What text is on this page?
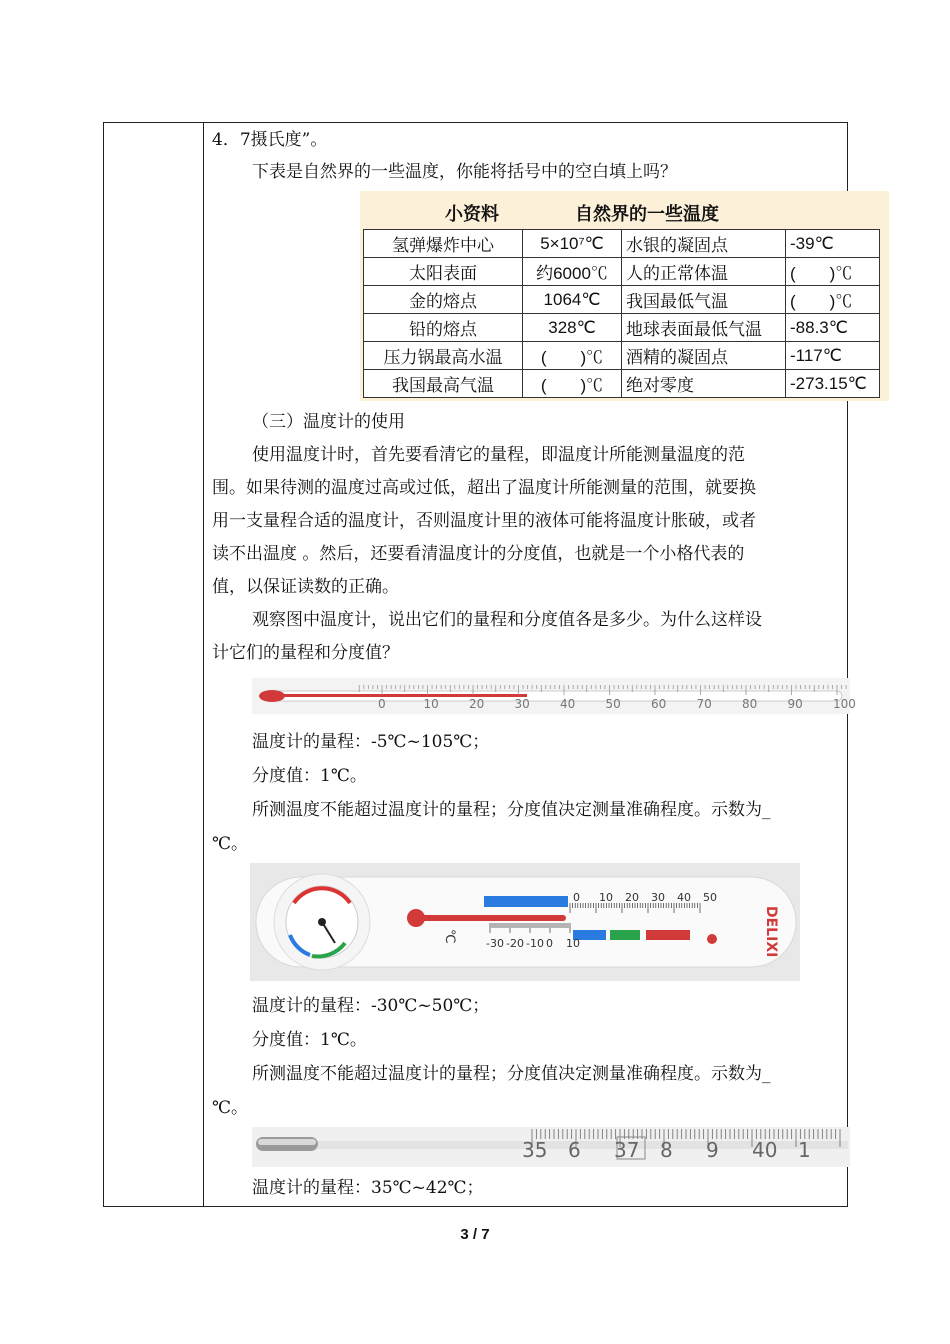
4．7摄氏度”。
下表是自然界的一些温度，你能将括号中的空白填上吗？
小资料	自然界的一些温度
氢弹爆炸中心	5×10⁷℃	水银的凝固点	-39℃
太阳表面	约6000℃	人的正常体温	(　　)℃
金的熔点	1064℃	我国最低气温	(　　)℃
铅的熔点	328℃	地球表面最低气温	-88.3℃
压力锅最高水温	(　　)℃	酒精的凝固点	-117℃
我国最高气温	(　　)℃	绝对零度	-273.15℃
（三）温度计的使用
使用温度计时，首先要看清它的量程，即温度计所能测量温度的范
围。如果待测的温度过高或过低，超出了温度计所能测量的范围，就要换
用一支量程合适的温度计，否则温度计里的液体可能将温度计胀破，或者
读不出温度 。然后，还要看清温度计的分度值，也就是一个小格代表的
值，以保证读数的正确。
观察图中温度计，说出它们的量程和分度值各是多少。为什么这样设
计它们的量程和分度值？
0	10	20	30	40	50	60	70	80	90	100
温度计的量程：-5℃~105℃；
分度值：1℃。
所测温度不能超过温度计的量程；分度值决定测量准确程度。示数为_
℃。
0 10 20 30 40 50
-30 -20 -10 0 10
℃	DELIXI
温度计的量程：-30℃~50℃；
分度值：1℃。
所测温度不能超过温度计的量程；分度值决定测量准确程度。示数为_
℃。
35 6 37 8 9 40 1
温度计的量程：35℃~42℃；
3 / 7
